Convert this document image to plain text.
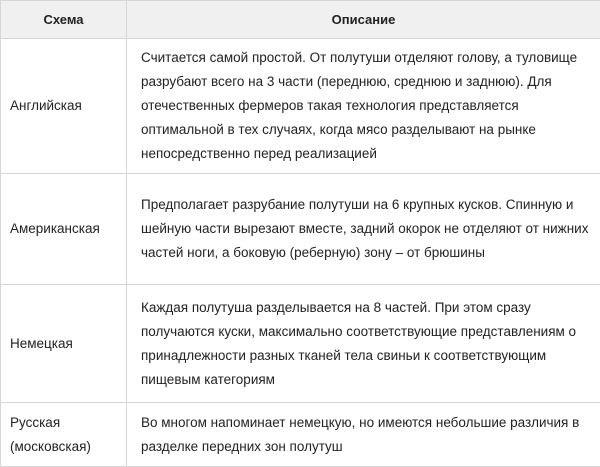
Схема	Описание
Английская	Считается самой простой. От полутуши отделяют голову, а туловище разрубают всего на 3 части (переднюю, среднюю и заднюю). Для отечественных фермеров такая технология представляется оптимальной в тех случаях, когда мясо разделывают на рынке непосредственно перед реализацией
Американская	Предполагает разрубание полутуши на 6 крупных кусков. Спинную и шейную части вырезают вместе, задний окорок не отделяют от нижних частей ноги, а боковую (реберную) зону – от брюшины
Немецкая	Каждая полутуша разделывается на 8 частей. При этом сразу получаются куски, максимально соответствующие представлениям о принадлежности разных тканей тела свиньи к соответствующим пищевым категориям
Русская (московская)	Во многом напоминает немецкую, но имеются небольшие различия в разделке передних зон полутуш
